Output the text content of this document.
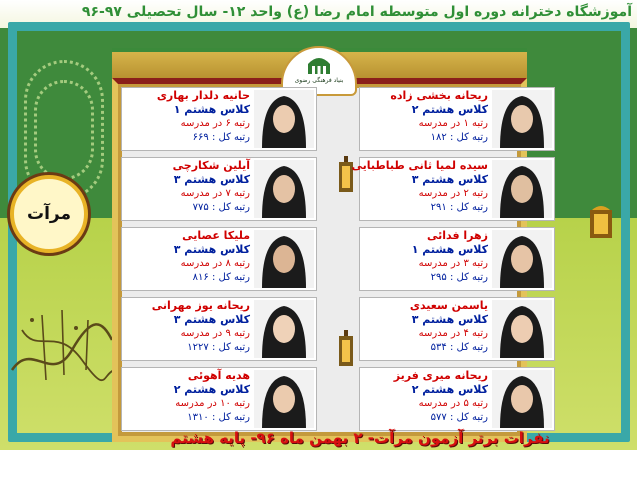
آموزشگاه دخترانه دوره اول متوسطه امام رضا (ع) واحد ۱۲- سال تحصیلی ۹۷-۹۶
مرآت
بنیاد فرهنگی رضوی
ریحانه بخشی زاده
کلاس هشتم ۲
رتبه ۱ در مدرسه
رتبه کل : ۱۸۲
سیده لمیا ثانی طباطبایی
کلاس هشتم ۳
رتبه ۲ در مدرسه
رتبه کل : ۲۹۱
زهرا فدائی
کلاس هشتم ۱
رتبه ۳ در مدرسه
رتبه کل : ۲۹۵
یاسمن سعیدی
کلاس هشتم ۳
رتبه ۴ در مدرسه
رتبه کل : ۵۳۴
ریحانه میری فریز
کلاس هشتم ۲
رتبه ۵ در مدرسه
رتبه کل : ۵۷۷
حانیه دلدار بهاری
کلاس هشتم ۱
رتبه ۶ در مدرسه
رتبه کل : ۶۶۹
آیلین شکارچی
کلاس هشتم ۳
رتبه ۷ در مدرسه
رتبه کل : ۷۷۵
ملیکا عصایی
کلاس هشتم ۳
رتبه ۸ در مدرسه
رتبه کل : ۸۱۶
ریحانه یوز مهرانی
کلاس هشتم ۳
رتبه ۹ در مدرسه
رتبه کل : ۱۲۲۷
هدیه آهوئی
کلاس هشتم ۲
رتبه ۱۰ در مدرسه
رتبه کل : ۱۳۱۰
نفرات برتر آزمون مرآت- ۲ بهمن ماه ۹۶- پایه هشتم
